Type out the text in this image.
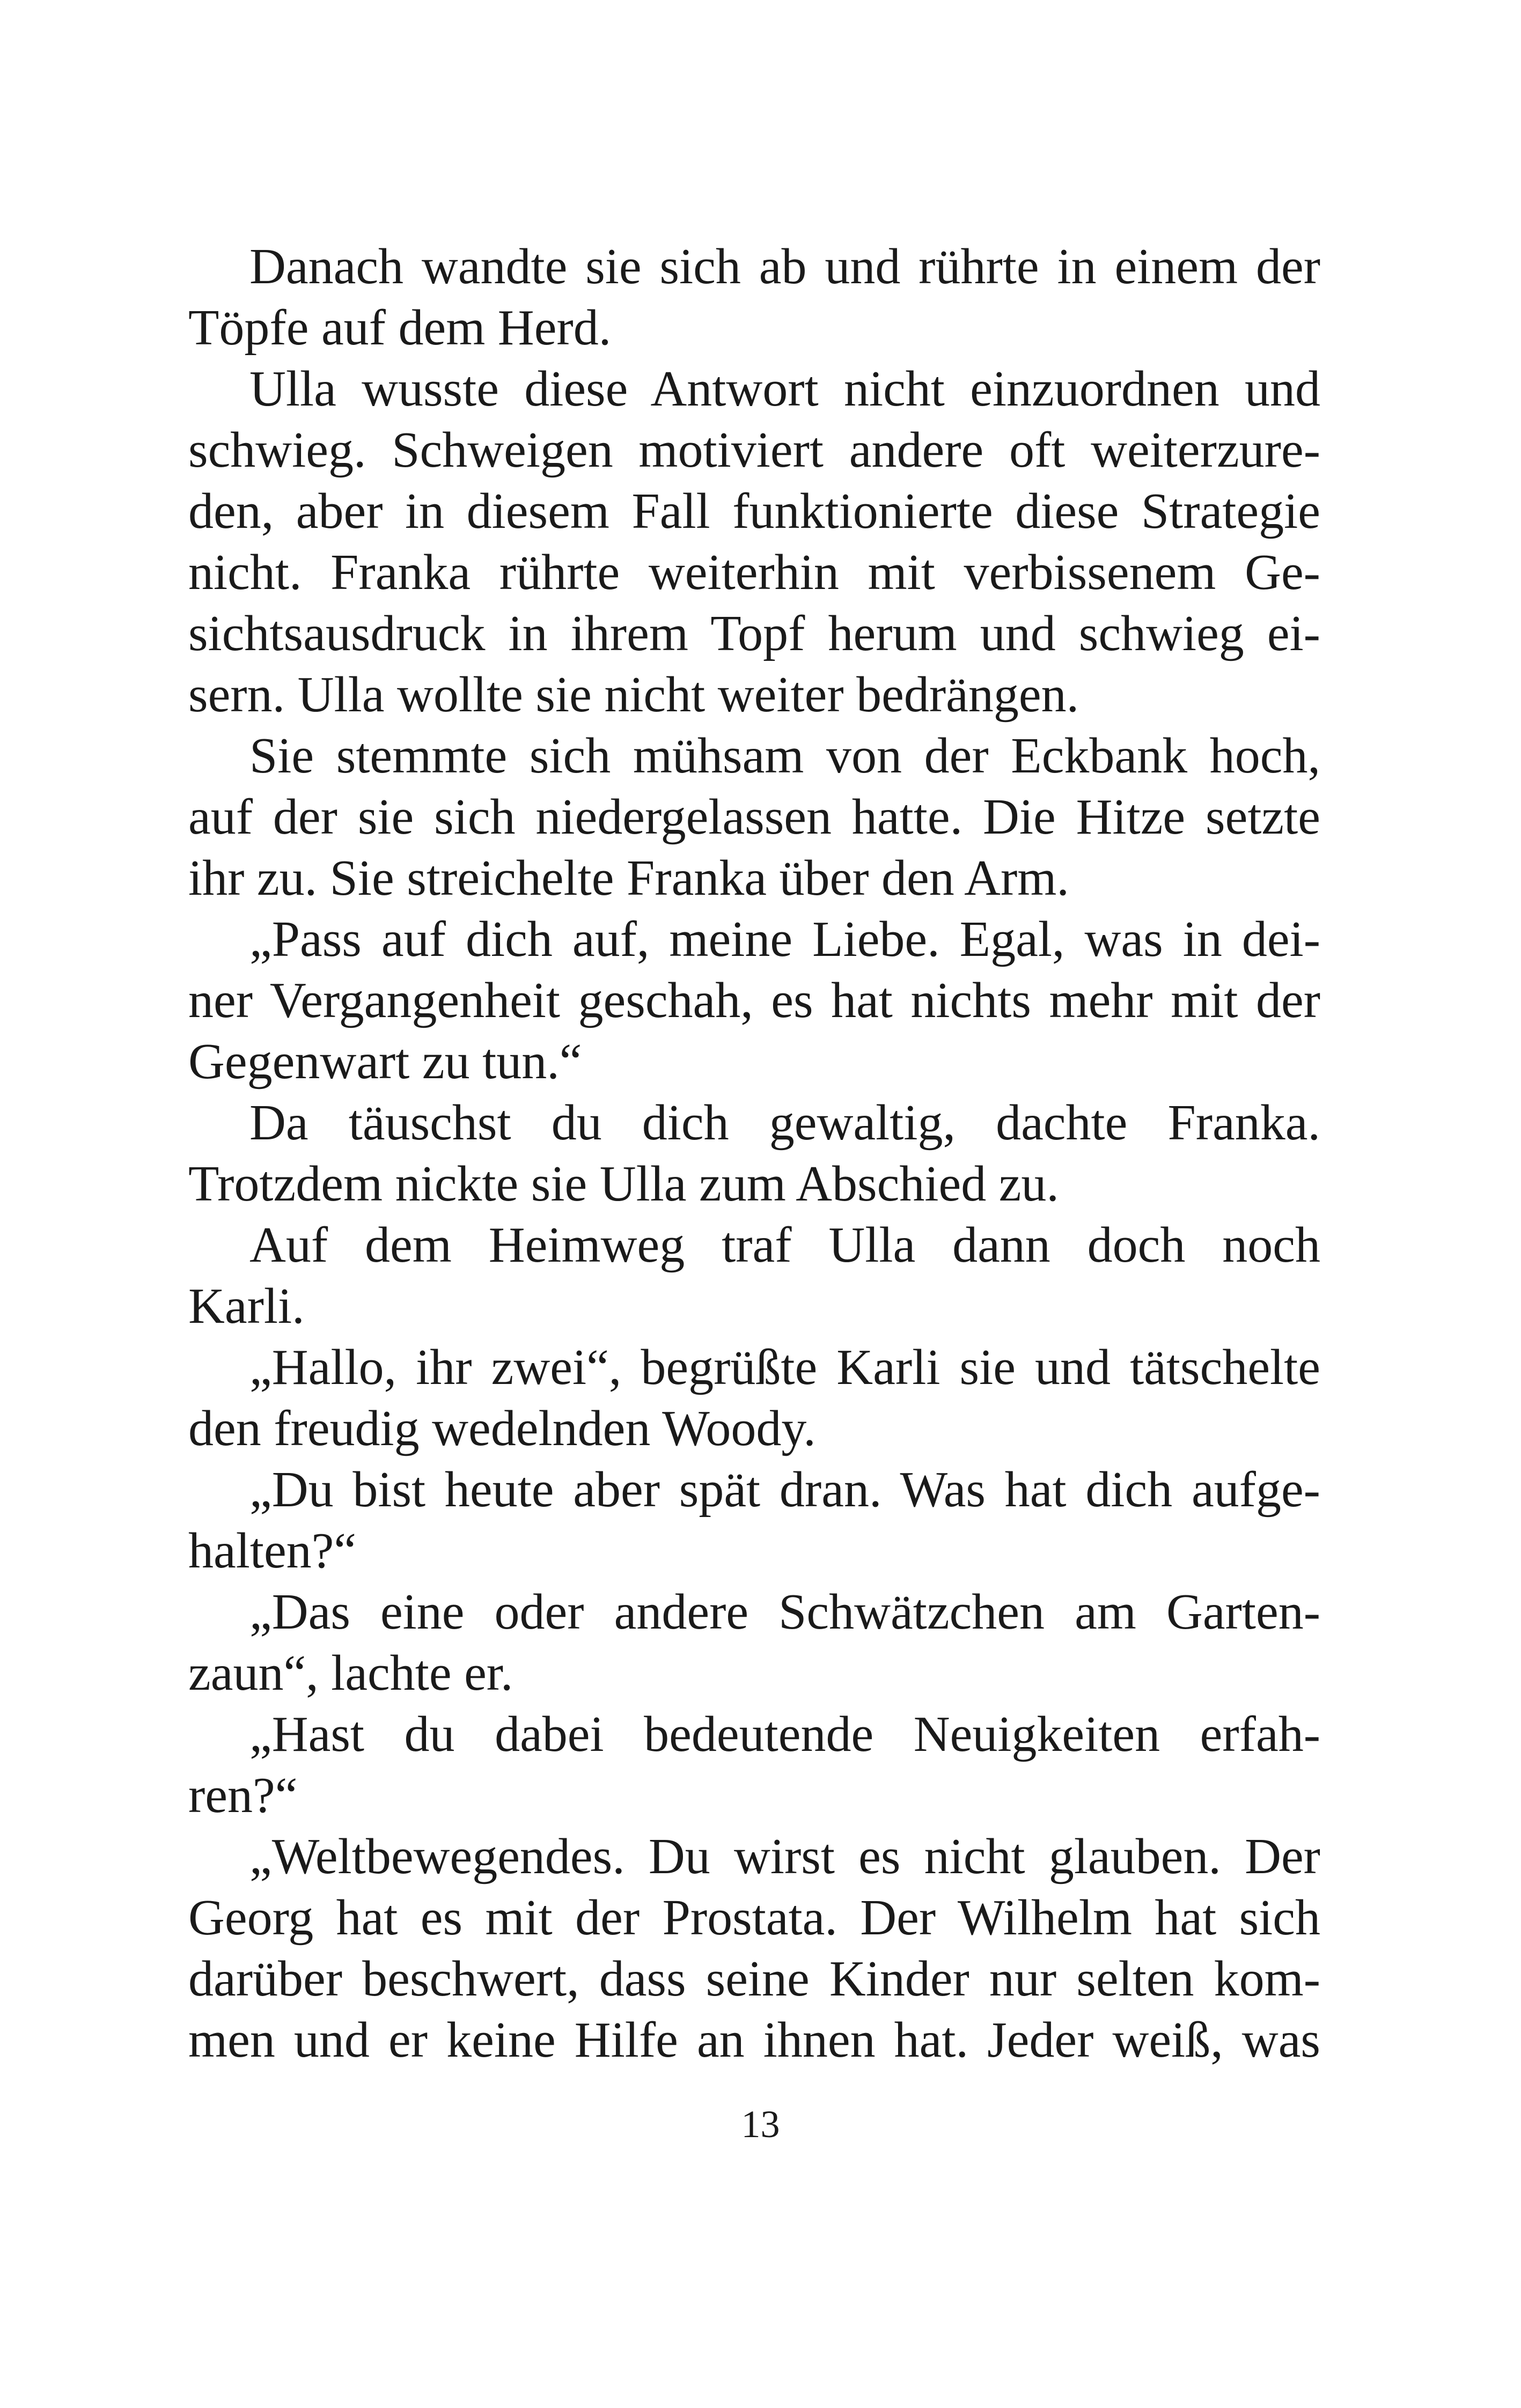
Danach wandte sie sich ab und rührte in einem der
Töpfe auf dem Herd.
Ulla wusste diese Antwort nicht einzuordnen und
schwieg. Schweigen motiviert andere oft weiterzure-
den, aber in diesem Fall funktionierte diese Strategie
nicht. Franka rührte weiterhin mit verbissenem Ge-
sichtsausdruck in ihrem Topf herum und schwieg ei-
sern. Ulla wollte sie nicht weiter bedrängen.
Sie stemmte sich mühsam von der Eckbank hoch,
auf der sie sich niedergelassen hatte. Die Hitze setzte
ihr zu. Sie streichelte Franka über den Arm.
„Pass auf dich auf, meine Liebe. Egal, was in dei-
ner Vergangenheit geschah, es hat nichts mehr mit der
Gegenwart zu tun.“
Da täuschst du dich gewaltig, dachte Franka.
Trotzdem nickte sie Ulla zum Abschied zu.
Auf dem Heimweg traf Ulla dann doch noch
Karli.
„Hallo, ihr zwei“, begrüßte Karli sie und tätschelte
den freudig wedelnden Woody.
„Du bist heute aber spät dran. Was hat dich aufge-
halten?“
„Das eine oder andere Schwätzchen am Garten-
zaun“, lachte er.
„Hast du dabei bedeutende Neuigkeiten erfah-
ren?“
„Weltbewegendes. Du wirst es nicht glauben. Der
Georg hat es mit der Prostata. Der Wilhelm hat sich
darüber beschwert, dass seine Kinder nur selten kom-
men und er keine Hilfe an ihnen hat. Jeder weiß, was
13
